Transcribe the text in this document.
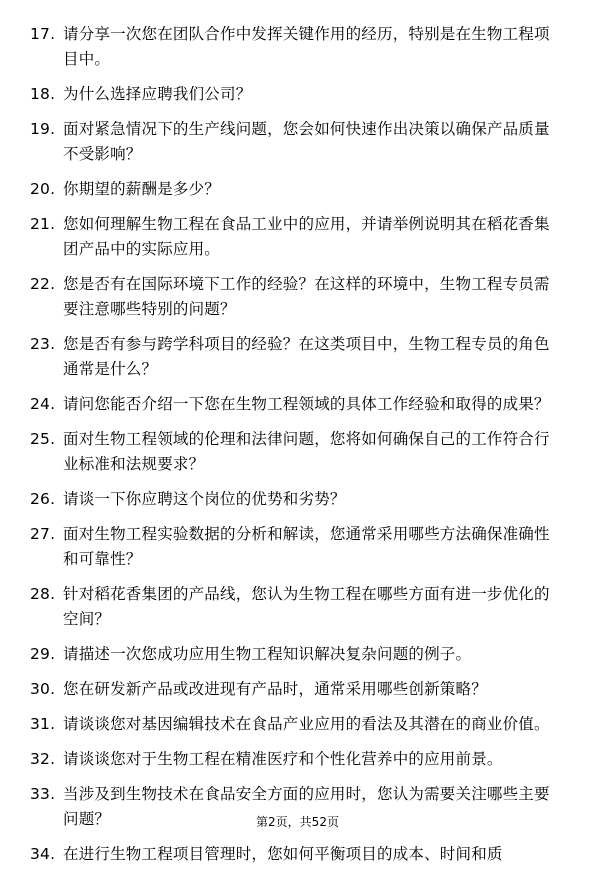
17. 请分享一次您在团队合作中发挥关键作用的经历，特别是在生物工程项目中。
18. 为什么选择应聘我们公司？
19. 面对紧急情况下的生产线问题，您会如何快速作出决策以确保产品质量不受影响？
20. 你期望的薪酬是多少？
21. 您如何理解生物工程在食品工业中的应用，并请举例说明其在稻花香集团产品中的实际应用。
22. 您是否有在国际环境下工作的经验？在这样的环境中，生物工程专员需要注意哪些特别的问题？
23. 您是否有参与跨学科项目的经验？在这类项目中，生物工程专员的角色通常是什么？
24. 请问您能否介绍一下您在生物工程领域的具体工作经验和取得的成果？
25. 面对生物工程领域的伦理和法律问题，您将如何确保自己的工作符合行业标准和法规要求？
26. 请谈一下你应聘这个岗位的优势和劣势？
27. 面对生物工程实验数据的分析和解读，您通常采用哪些方法确保准确性和可靠性？
28. 针对稻花香集团的产品线，您认为生物工程在哪些方面有进一步优化的空间？
29. 请描述一次您成功应用生物工程知识解决复杂问题的例子。
30. 您在研发新产品或改进现有产品时，通常采用哪些创新策略？
31. 请谈谈您对基因编辑技术在食品产业应用的看法及其潜在的商业价值。
32. 请谈谈您对于生物工程在精准医疗和个性化营养中的应用前景。
33. 当涉及到生物技术在食品安全方面的应用时，您认为需要关注哪些主要问题？
34. 在进行生物工程项目管理时，您如何平衡项目的成本、时间和质
第2页，共52页
